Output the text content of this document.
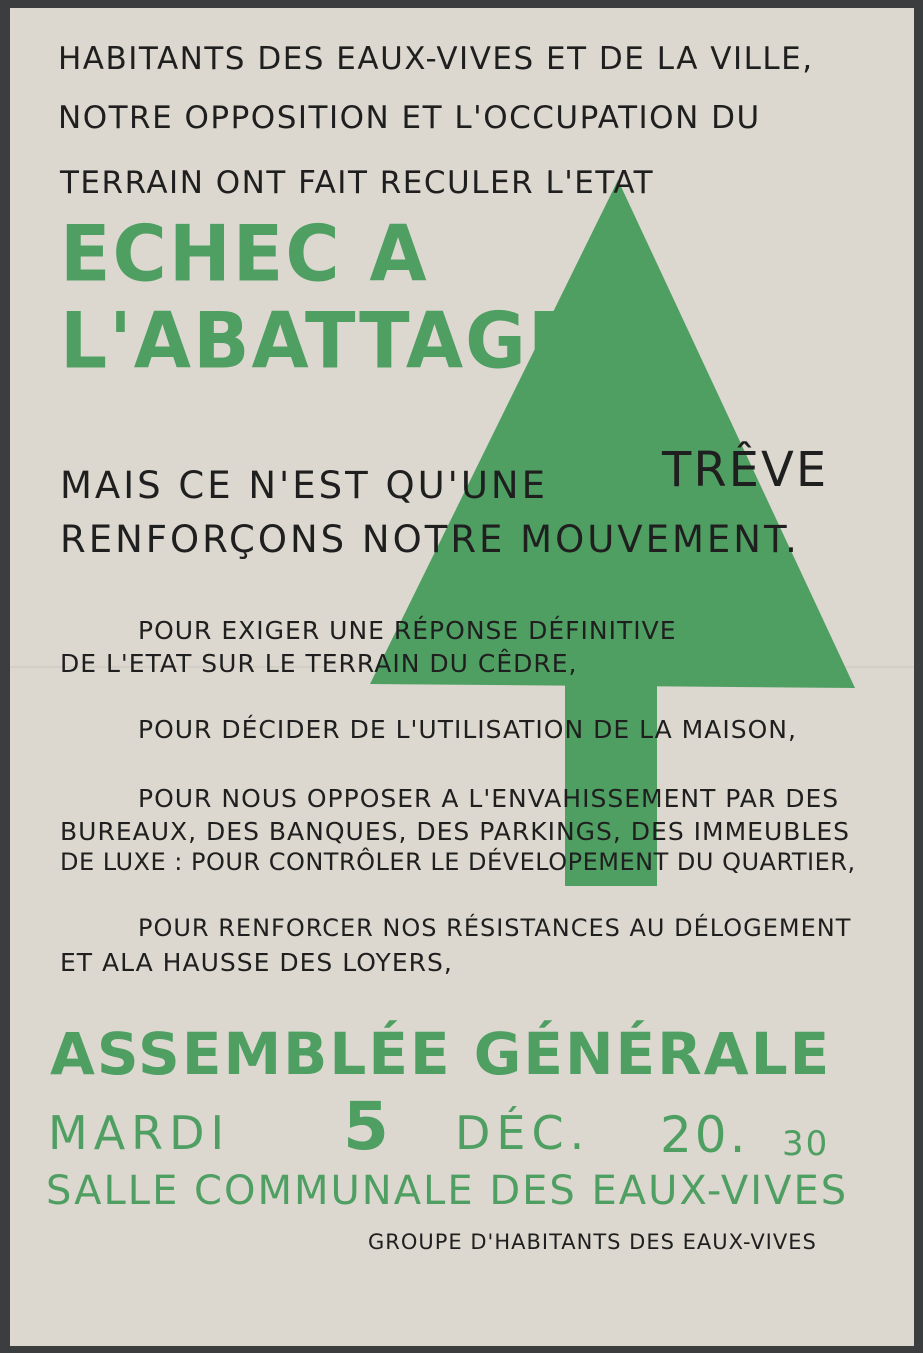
HABITANTS DES EAUX-VIVES ET DE LA VILLE,

NOTRE OPPOSITION ET L'OCCUPATION DU

TERRAIN ONT FAIT RECULER L'ETAT

ECHEC A

L'ABATTAGE!

MAIS CE N'EST QU'UNE TRÊVE

RENFORÇONS NOTRE MOUVEMENT.

POUR EXIGER UNE RÉPONSE DÉFINITIVE

DE L'ETAT SUR LE TERRAIN DU CÊDRE,

POUR DÉCIDER DE L'UTILISATION DE LA MAISON,

POUR NOUS OPPOSER A L'ENVAHISSEMENT PAR DES

BUREAUX, DES BANQUES, DES PARKINGS, DES IMMEUBLES

DE LUXE : POUR CONTRÔLER LE DÉVELOPEMENT DU QUARTIER,

POUR RENFORCER NOS RÉSISTANCES AU DÉLOGEMENT

ET ALA HAUSSE DES LOYERS,

ASSEMBLÉE GÉNÉRALE

MARDI 5 DÉC. 20. 30

SALLE COMMUNALE DES EAUX-VIVES

GROUPE D'HABITANTS DES EAUX-VIVES
